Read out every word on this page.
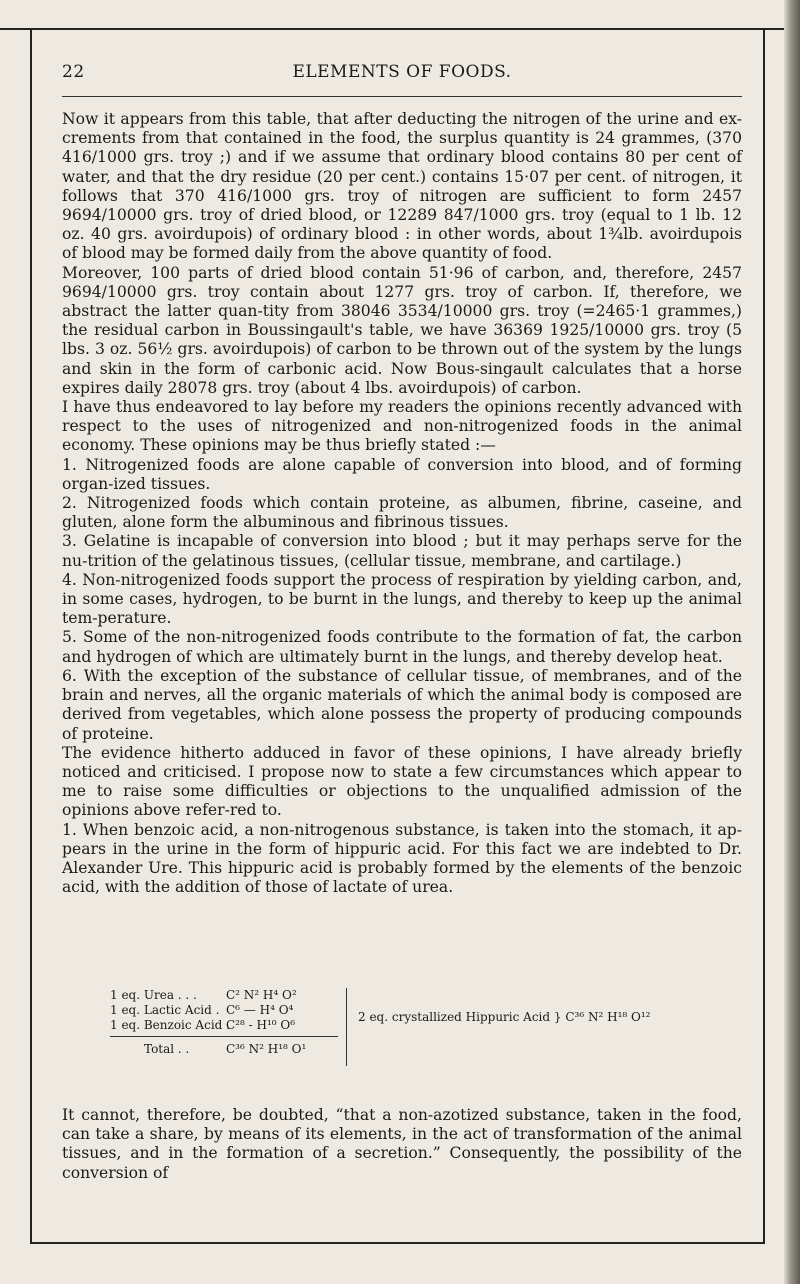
22	ELEMENTS OF FOODS.

Now it appears from this table, that after deducting the nitrogen of the urine and ex-crements from that contained in the food, the surplus quantity is 24 grammes, (370 416/1000 grs. troy ;) and if we assume that ordinary blood contains 80 per cent of water, and that the dry residue (20 per cent.) contains 15·07 per cent. of nitrogen, it follows that 370 416/1000 grs. troy of nitrogen are sufficient to form 2457 9694/10000 grs. troy of dried blood, or 12289 847/1000 grs. troy (equal to 1 lb. 12 oz. 40 grs. avoirdupois) of ordinary blood : in other words, about 1¾lb. avoirdupois of blood may be formed daily from the above quantity of food.

Moreover, 100 parts of dried blood contain 51·96 of carbon, and, therefore, 2457 9694/10000 grs. troy contain about 1277 grs. troy of carbon. If, therefore, we abstract the latter quan-tity from 38046 3534/10000 grs. troy (=2465·1 grammes,) the residual carbon in Boussingault's table, we have 36369 1925/10000 grs. troy (5 lbs. 3 oz. 56½ grs. avoirdupois) of carbon to be thrown out of the system by the lungs and skin in the form of carbonic acid. Now Bous-singault calculates that a horse expires daily 28078 grs. troy (about 4 lbs. avoirdupois) of carbon.

I have thus endeavored to lay before my readers the opinions recently advanced with respect to the uses of nitrogenized and non-nitrogenized foods in the animal economy. These opinions may be thus briefly stated :—

1. Nitrogenized foods are alone capable of conversion into blood, and of forming organ-ized tissues.

2. Nitrogenized foods which contain proteine, as albumen, fibrine, caseine, and gluten, alone form the albuminous and fibrinous tissues.

3. Gelatine is incapable of conversion into blood ; but it may perhaps serve for the nu-trition of the gelatinous tissues, (cellular tissue, membrane, and cartilage.)

4. Non-nitrogenized foods support the process of respiration by yielding carbon, and, in some cases, hydrogen, to be burnt in the lungs, and thereby to keep up the animal tem-perature.

5. Some of the non-nitrogenized foods contribute to the formation of fat, the carbon and hydrogen of which are ultimately burnt in the lungs, and thereby develop heat.

6. With the exception of the substance of cellular tissue, of membranes, and of the brain and nerves, all the organic materials of which the animal body is composed are derived from vegetables, which alone possess the property of producing compounds of proteine.

The evidence hitherto adduced in favor of these opinions, I have already briefly noticed and criticised. I propose now to state a few circumstances which appear to me to raise some difficulties or objections to the unqualified admission of the opinions above refer-red to.

1. When benzoic acid, a non-nitrogenous substance, is taken into the stomach, it ap-pears in the urine in the form of hippuric acid. For this fact we are indebted to Dr. Alexander Ure. This hippuric acid is probably formed by the elements of the benzoic acid, with the addition of those of lactate of urea.

1 eq. Urea . . . C² N² H⁴ O²
1 eq. Lactic Acid . C⁶ — H⁴ O⁴
1 eq. Benzoic Acid .
C²⁸ - H¹⁰ O⁶
Total . .	C³⁶ N² H¹⁸ O¹
2 eq. crystallized Hippuric Acid } C³⁶ N² H¹⁸ O¹²
It cannot, therefore, be doubted, “that a non-azotized substance, taken in the food, can take a share, by means of its elements, in the act of transformation of the animal tissues, and in the formation of a secretion.” Consequently, the possibility of the conversion of
